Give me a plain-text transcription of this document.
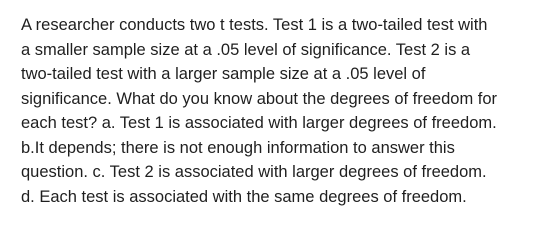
A researcher conducts two t tests. Test 1 is a two-tailed test with
a smaller sample size at a .05 level of significance. Test 2 is a
two-tailed test with a larger sample size at a .05 level of
significance. What do you know about the degrees of freedom for
each test? a. Test 1 is associated with larger degrees of freedom.
b.It depends; there is not enough information to answer this
question. c. Test 2 is associated with larger degrees of freedom.
d. Each test is associated with the same degrees of freedom.
